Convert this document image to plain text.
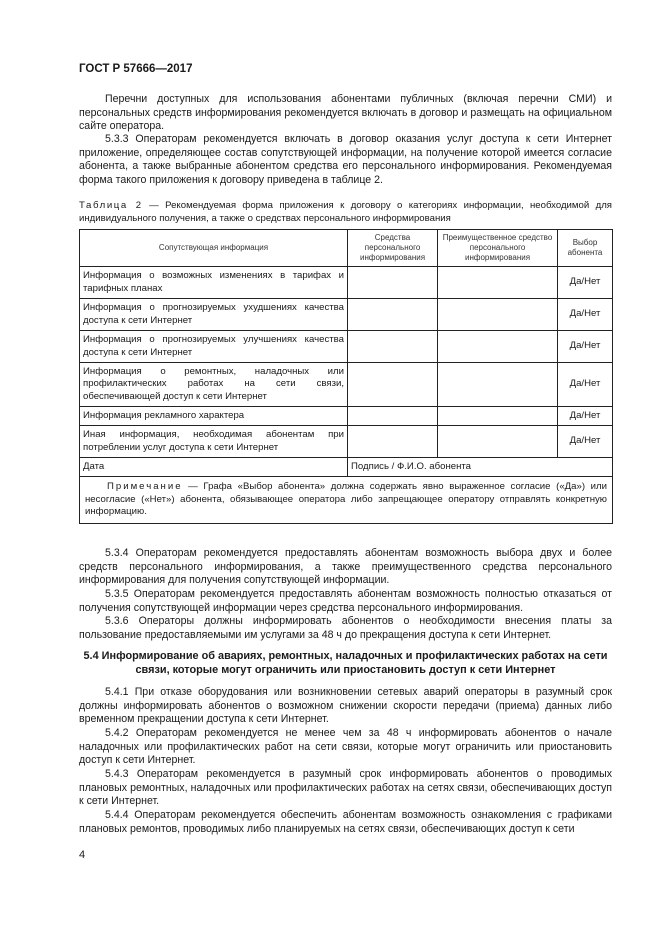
ГОСТ Р 57666—2017

Перечни доступных для использования абонентами публичных (включая перечни СМИ) и персональных средств информирования рекомендуется включать в договор и размещать на официальном сайте оператора.

5.3.3 Операторам рекомендуется включать в договор оказания услуг доступа к сети Интернет приложение, определяющее состав сопутствующей информации, на получение которой имеется согласие абонента, а также выбранные абонентом средства его персонального информирования. Рекомендуемая форма такого приложения к договору приведена в таблице 2.

Таблица 2 — Рекомендуемая форма приложения к договору о категориях информации, необходимой для индивидуального получения, а также о средствах персонального информирования

Сопутствующая информация	Средства персонального информирования	Преимущественное средство персонального информирования	Выбор абонента
Информация о возможных изменениях в тарифах и тарифных планах			Да/Нет
Информация о прогнозируемых ухудшениях качества доступа к сети Интернет			Да/Нет
Информация о прогнозируемых улучшениях качества доступа к сети Интернет			Да/Нет
Информация о ремонтных, наладочных или профилактических работах на сети связи, обеспечивающей доступ к сети Интернет			Да/Нет
Информация рекламного характера			Да/Нет
Иная информация, необходимая абонентам при потреблении услуг доступа к сети Интернет			Да/Нет
Дата	Подпись / Ф.И.О. абонента		
Примечание — Графа «Выбор абонента» должна содержать явно выраженное согласие («Да») или несогласие («Нет») абонента, обязывающее оператора либо запрещающее оператору отправлять конкретную информацию.			

5.3.4 Операторам рекомендуется предоставлять абонентам возможность выбора двух и более средств персонального информирования, а также преимущественного средства персонального информирования для получения сопутствующей информации.

5.3.5 Операторам рекомендуется предоставлять абонентам возможность полностью отказаться от получения сопутствующей информации через средства персонального информирования.

5.3.6 Операторы должны информировать абонентов о необходимости внесения платы за пользование предоставляемыми им услугами за 48 ч до прекращения доступа к сети Интернет.

5.4 Информирование об авариях, ремонтных, наладочных и профилактических работах на сети связи, которые могут ограничить или приостановить доступ к сети Интернет

5.4.1 При отказе оборудования или возникновении сетевых аварий операторы в разумный срок должны информировать абонентов о возможном снижении скорости передачи (приема) данных либо временном прекращении доступа к сети Интернет.

5.4.2 Операторам рекомендуется не менее чем за 48 ч информировать абонентов о начале наладочных или профилактических работ на сети связи, которые могут ограничить или приостановить доступ к сети Интернет.

5.4.3 Операторам рекомендуется в разумный срок информировать абонентов о проводимых плановых ремонтных, наладочных или профилактических работах на сетях связи, обеспечивающих доступ к сети Интернет.

5.4.4 Операторам рекомендуется обеспечить абонентам возможность ознакомления с графиками плановых ремонтов, проводимых либо планируемых на сетях связи, обеспечивающих доступ к сети

4
